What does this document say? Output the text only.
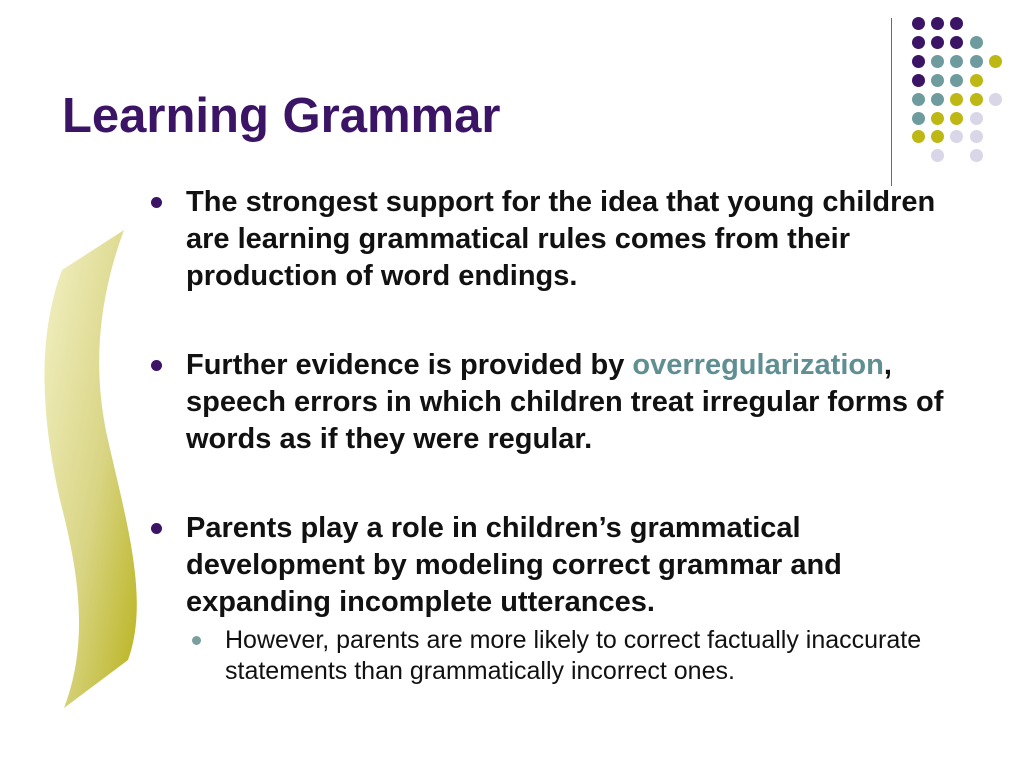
Learning Grammar
The strongest support for the idea that young children are learning grammatical rules comes from their production of word endings.
Further evidence is provided by overregularization, speech errors in which children treat irregular forms of words as if they were regular.
Parents play a role in children’s grammatical development by modeling correct grammar and expanding incomplete utterances.
However, parents are more likely to correct factually inaccurate statements than grammatically incorrect ones.
